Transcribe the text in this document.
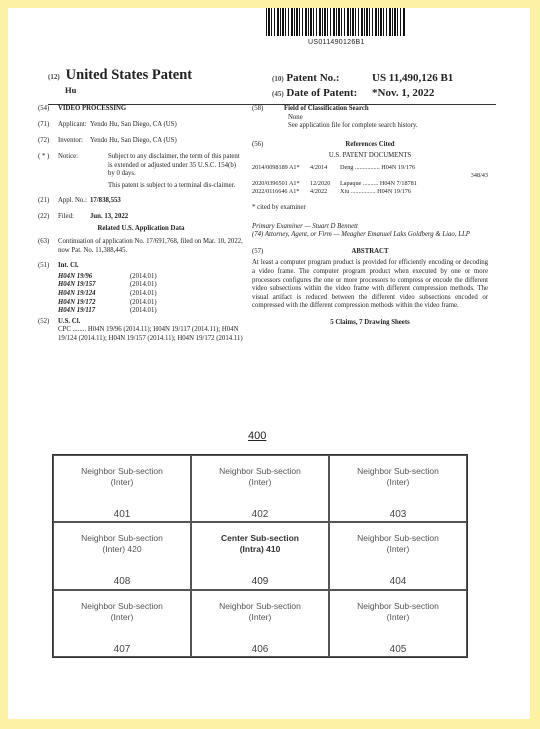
US011490126B1
(12) United States Patent
Hu
(10) Patent No.:	US 11,490,126 B1
(45) Date of Patent: *Nov. 1, 2022
(54) VIDEO PROCESSING
(71) Applicant: Yendo Hu, San Diego, CA (US)
(72) Inventor: Yendo Hu, San Diego, CA (US)
( * ) Notice:	Subject to any disclaimer, the term of this patent is extended or adjusted under 35 U.S.C. 154(b) by 0 days.
This patent is subject to a terminal dis-claimer.
(21) Appl. No.: 17/838,553
(22) Filed: Jun. 13, 2022
Related U.S. Application Data
(63) Continuation of application No. 17/691,768, filed on Mar. 10, 2022, now Pat. No. 11,388,445.
(51) Int. Cl.
H04N 19/96	(2014.01)
H04N 19/157	(2014.01)
H04N 19/124	(2014.01)
H04N 19/172	(2014.01)
H04N 19/117	(2014.01)
(52) U.S. Cl.
CPC ........ H04N 19/96 (2014.11); H04N 19/117 (2014.11); H04N 19/124 (2014.11); H04N 19/157 (2014.11); H04N 19/172 (2014.11)
(58)	Field of Classification Search
None
See application file for complete search history.
(56)	References Cited
U.S. PATENT DOCUMENTS
2014/0098189 A1*	4/2014	Deng ................ H04N 19/176
348/43
2020/0396501 A1*	12/2020	Lapaque .......... H04N 7/18781
2022/0116646 A1*	4/2022	Xiu ................ H04N 19/176
* cited by examiner
Primary Examiner — Stuart D Bennett
(74) Attorney, Agent, or Firm — Meagher Emanuel Laks Goldberg & Liao, LLP
(57)	ABSTRACT
At least a computer program product is provided for efficiently encoding or decoding a video frame. The computer program product when executed by one or more processors configures the one or more processors to compress or encode the different video subsections within the video frame with different compression methods. The visual artifact is reduced between the different video subsections encoded or compressed with the different compression methods within the video frame.
5 Claims, 7 Drawing Sheets
400
Neighbor Sub-section
(Inter)
401
Neighbor Sub-section
(Inter)
402
Neighbor Sub-section
(Inter)
403
Neighbor Sub-section
(Inter) 420
408
Center Sub-section
(Intra) 410
409
Neighbor Sub-section
(Inter)
404
Neighbor Sub-section
(Inter)
407
Neighbor Sub-section
(Inter)
406
Neighbor Sub-section
(Inter)
405
